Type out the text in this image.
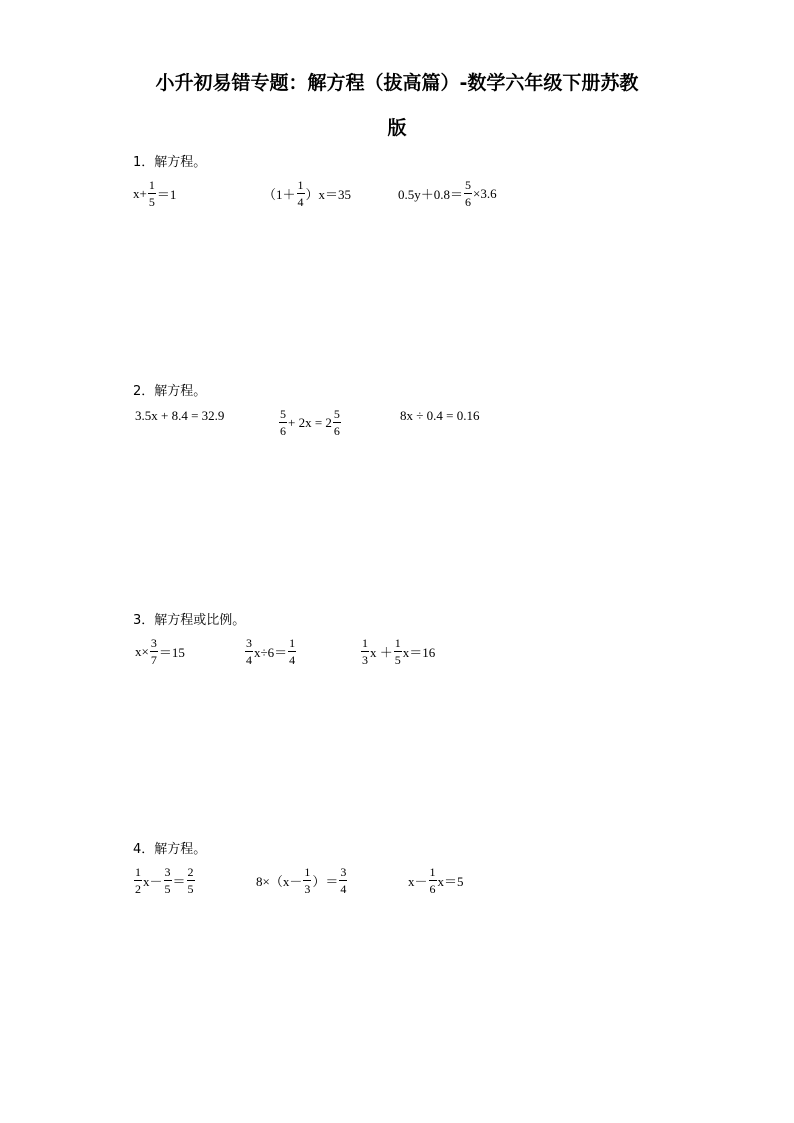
小升初易错专题：解方程（拔高篇）-数学六年级下册苏教
版
1．解方程。
$x+ \frac{1}{5} =1$	$(1+ \frac{1}{4} )x=35$	$0.5y+0.8= \frac{5}{6} \times 3.6$
2．解方程。
3.5x + 8.4 = 32.9	$\frac{5}{6} + 2x = 2 \frac{5}{6}$	8x ÷ 0.4 = 0.16
3．解方程或比例。
$x\times \frac{3}{7} =15$	$\frac{3}{4} x\div 6= \frac{1}{4}$	$\frac{1}{3}$ $x + \frac{1}{5} x=16$
4．解方程。
$\frac{1}{2} x- \frac{3}{5} = \frac{2}{5}$	$8\times(x- \frac{1}{3}$ ）＝ $\frac{3}{4}$	$x- \frac{1}{6} x=5$
